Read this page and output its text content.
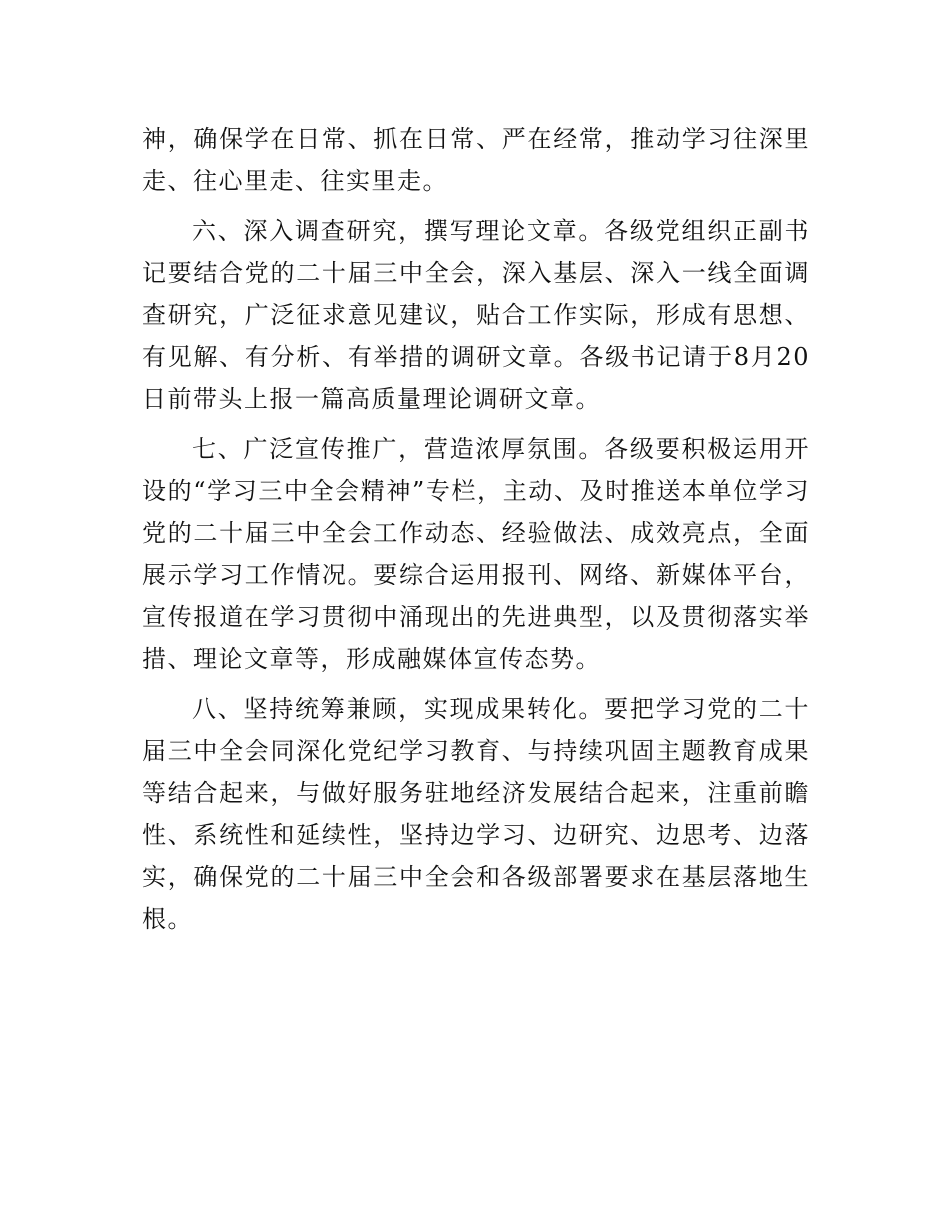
神，确保学在日常、抓在日常、严在经常，推动学习往深里走、往心里走、往实里走。

六、深入调查研究，撰写理论文章。各级党组织正副书记要结合党的二十届三中全会，深入基层、深入一线全面调查研究，广泛征求意见建议，贴合工作实际，形成有思想、有见解、有分析、有举措的调研文章。各级书记请于8月20日前带头上报一篇高质量理论调研文章。

七、广泛宣传推广，营造浓厚氛围。各级要积极运用开设的“学习三中全会精神”专栏，主动、及时推送本单位学习党的二十届三中全会工作动态、经验做法、成效亮点，全面展示学习工作情况。要综合运用报刊、网络、新媒体平台，宣传报道在学习贯彻中涌现出的先进典型，以及贯彻落实举措、理论文章等，形成融媒体宣传态势。

八、坚持统筹兼顾，实现成果转化。要把学习党的二十届三中全会同深化党纪学习教育、与持续巩固主题教育成果等结合起来，与做好服务驻地经济发展结合起来，注重前瞻性、系统性和延续性，坚持边学习、边研究、边思考、边落实，确保党的二十届三中全会和各级部署要求在基层落地生根。
